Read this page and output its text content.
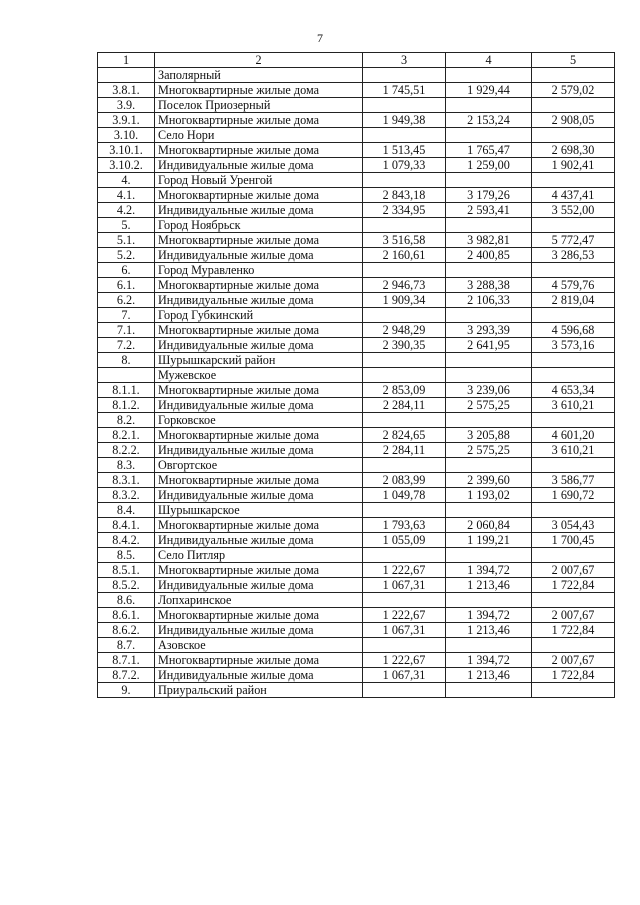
7
1	2	3	4	5
	Заполярный			
3.8.1.	Многоквартирные жилые дома	1 745,51	1 929,44	2 579,02
3.9.	Поселок Приозерный			
3.9.1.	Многоквартирные жилые дома	1 949,38	2 153,24	2 908,05
3.10.	Село Нори			
3.10.1.	Многоквартирные жилые дома	1 513,45	1 765,47	2 698,30
3.10.2.	Индивидуальные жилые дома	1 079,33	1 259,00	1 902,41
4.	Город Новый Уренгой			
4.1.	Многоквартирные жилые дома	2 843,18	3 179,26	4 437,41
4.2.	Индивидуальные жилые дома	2 334,95	2 593,41	3 552,00
5.	Город Ноябрьск			
5.1.	Многоквартирные жилые дома	3 516,58	3 982,81	5 772,47
5.2.	Индивидуальные жилые дома	2 160,61	2 400,85	3 286,53
6.	Город Муравленко			
6.1.	Многоквартирные жилые дома	2 946,73	3 288,38	4 579,76
6.2.	Индивидуальные жилые дома	1 909,34	2 106,33	2 819,04
7.	Город Губкинский			
7.1.	Многоквартирные жилые дома	2 948,29	3 293,39	4 596,68
7.2.	Индивидуальные жилые дома	2 390,35	2 641,95	3 573,16
8.	Шурышкарский район			
	Мужевское			
8.1.1.	Многоквартирные жилые дома	2 853,09	3 239,06	4 653,34
8.1.2.	Индивидуальные жилые дома	2 284,11	2 575,25	3 610,21
8.2.	Горковское			
8.2.1.	Многоквартирные жилые дома	2 824,65	3 205,88	4 601,20
8.2.2.	Индивидуальные жилые дома	2 284,11	2 575,25	3 610,21
8.3.	Овгортское			
8.3.1.	Многоквартирные жилые дома	2 083,99	2 399,60	3 586,77
8.3.2.	Индивидуальные жилые дома	1 049,78	1 193,02	1 690,72
8.4.	Шурышкарское			
8.4.1.	Многоквартирные жилые дома	1 793,63	2 060,84	3 054,43
8.4.2.	Индивидуальные жилые дома	1 055,09	1 199,21	1 700,45
8.5.	Село Питляр			
8.5.1.	Многоквартирные жилые дома	1 222,67	1 394,72	2 007,67
8.5.2.	Индивидуальные жилые дома	1 067,31	1 213,46	1 722,84
8.6.	Лопхаринское			
8.6.1.	Многоквартирные жилые дома	1 222,67	1 394,72	2 007,67
8.6.2.	Индивидуальные жилые дома	1 067,31	1 213,46	1 722,84
8.7.	Азовское			
8.7.1.	Многоквартирные жилые дома	1 222,67	1 394,72	2 007,67
8.7.2.	Индивидуальные жилые дома	1 067,31	1 213,46	1 722,84
9.	Приуральский район			
